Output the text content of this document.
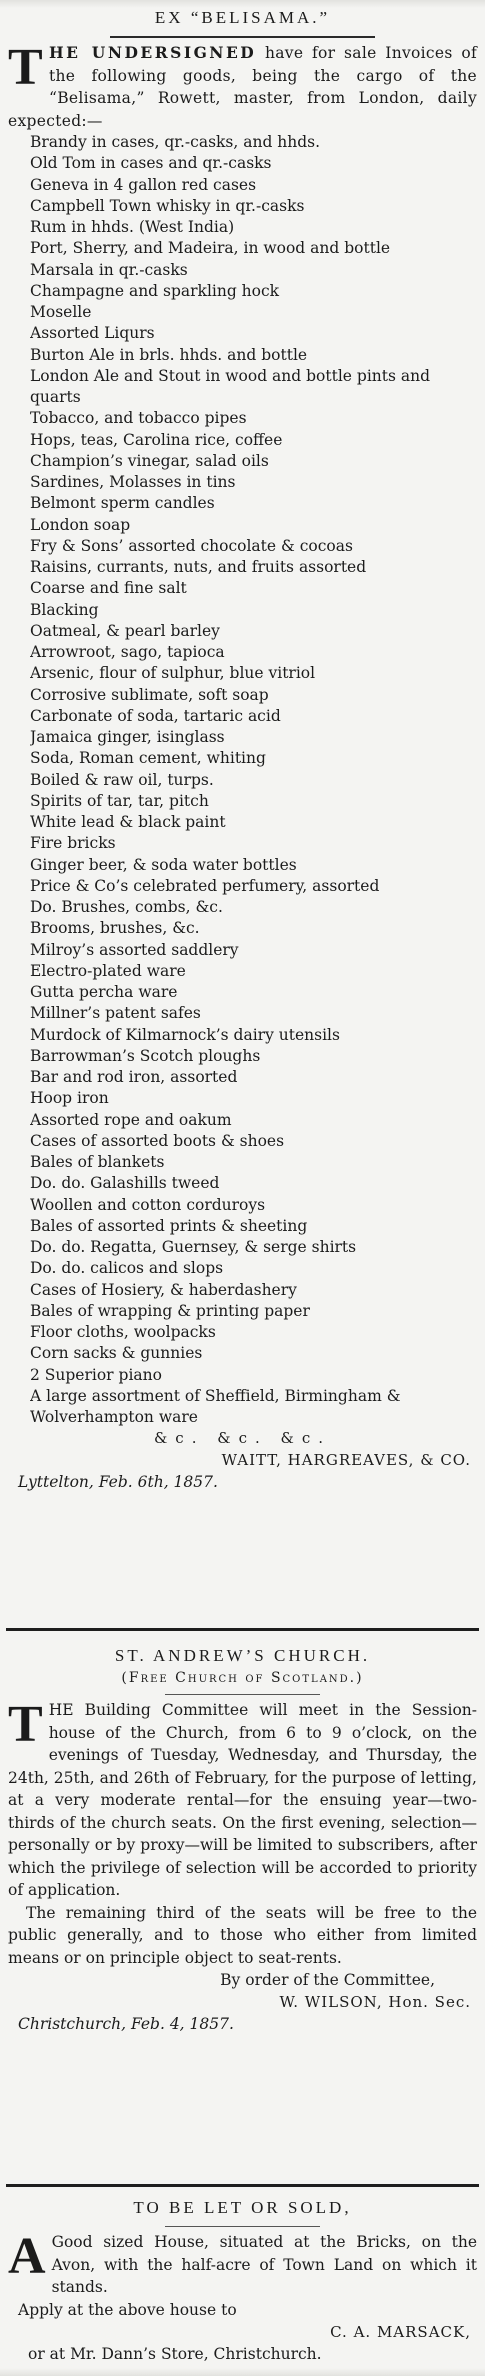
EX “BELISAMA.”
T HE UNDERSIGNED have for sale Invoices of the following goods, being the cargo of the “Belisama,” Rowett, master, from London, daily expected:—
Brandy in cases, qr.-casks, and hhds.
Old Tom in cases and qr.-casks
Geneva in 4 gallon red cases
Campbell Town whisky in qr.-casks
Rum in hhds. (West India)
Port, Sherry, and Madeira, in wood and bottle
Marsala in qr.-casks
Champagne and sparkling hock
Moselle
Assorted Liqurs
Burton Ale in brls. hhds. and bottle
London Ale and Stout in wood and bottle pints and quarts
Tobacco, and tobacco pipes
Hops, teas, Carolina rice, coffee
Champion’s vinegar, salad oils
Sardines, Molasses in tins
Belmont sperm candles
London soap
Fry & Sons’ assorted chocolate & cocoas
Raisins, currants, nuts, and fruits assorted
Coarse and fine salt
Blacking
Oatmeal, & pearl barley
Arrowroot, sago, tapioca
Arsenic, flour of sulphur, blue vitriol
Corrosive sublimate, soft soap
Carbonate of soda, tartaric acid
Jamaica ginger, isinglass
Soda, Roman cement, whiting
Boiled & raw oil, turps.
Spirits of tar, tar, pitch
White lead & black paint
Fire bricks
Ginger beer, & soda water bottles
Price & Co’s celebrated perfumery, assorted
Do. Brushes, combs, &c.
Brooms, brushes, &c.
Milroy’s assorted saddlery
Electro-plated ware
Gutta percha ware
Millner’s patent safes
Murdock of Kilmarnock’s dairy utensils
Barrowman’s Scotch ploughs
Bar and rod iron, assorted
Hoop iron
Assorted rope and oakum
Cases of assorted boots & shoes
Bales of blankets
Do. do. Galashills tweed
Woollen and cotton corduroys
Bales of assorted prints & sheeting
Do. do. Regatta, Guernsey, & serge shirts
Do. do. calicos and slops
Cases of Hosiery, & haberdashery
Bales of wrapping & printing paper
Floor cloths, woolpacks
Corn sacks & gunnies
2 Superior piano
A large assortment of Sheffield, Birmingham & Wolverhampton ware
&c. &c. &c.
WAITT, HARGREAVES, & CO.
Lyttelton, Feb. 6th, 1857.
ST. ANDREW’S CHURCH.
(Free Church of Scotland.)
T HE Building Committee will meet in the Session-house of the Church, from 6 to 9 o’clock, on the evenings of Tuesday, Wednesday, and Thursday, the 24th, 25th, and 26th of February, for the purpose of letting, at a very moderate rental—for the ensuing year—two-thirds of the church seats. On the first evening, selection—personally or by proxy—will be limited to subscribers, after which the privilege of selection will be accorded to priority of application.
The remaining third of the seats will be free to the public generally, and to those who either from limited means or on principle object to seat-rents.
By order of the Committee,
W. WILSON, Hon. Sec.
Christchurch, Feb. 4, 1857.
TO BE LET OR SOLD,
A Good sized House, situated at the Bricks, on the Avon, with the half-acre of Town Land on which it stands.
Apply at the above house to
C. A. MARSACK,
or at Mr. Dann’s Store, Christchurch.
